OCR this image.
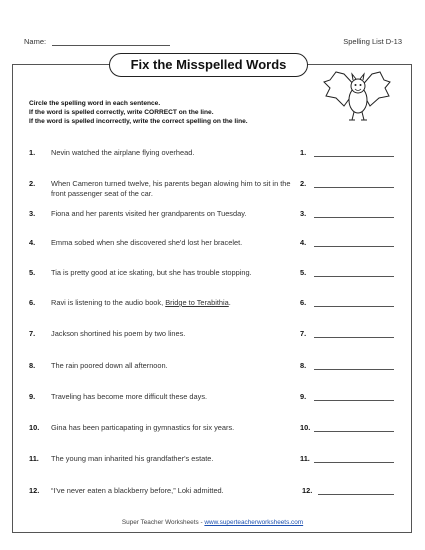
Name:	Spelling List D-13
Fix the Misspelled Words
Circle the spelling word in each sentence.
If the word is spelled correctly, write CORRECT on the line.
If the word is spelled incorrectly, write the correct spelling on the line.
1. Nevin watched the airplane flying overhead.	1.
2. When Cameron turned twelve, his parents began alowing him to sit in the front passenger seat of the car.
2.
3. Fiona and her parents visited her grandparents on Tuesday.	3.
4. Emma sobed when she discovered she'd lost her bracelet.	4.
5. Tia is pretty good at ice skating, but she has trouble stopping.	5.
6. Ravi is listening to the audio book, Bridge to Terabithia.	6.
7. Jackson shortined his poem by two lines.	7.
8. The rain poored down all afternoon.	8.
9. Traveling has become more difficult these days.	9.
10. Gina has been particapating in gymnastics for six years.	10.
11. The young man inharited his grandfather's estate.	11.
12. “I've never eaten a blackberry before,” Loki admitted.	12.
Super Teacher Worksheets - www.superteacherworksheets.com
